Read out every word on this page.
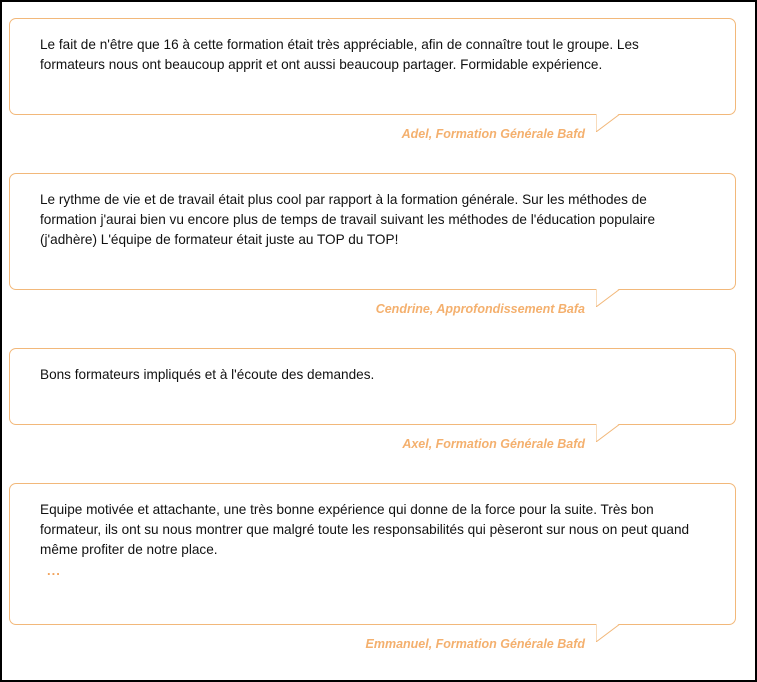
Le fait de n'être que 16 à cette formation était très appréciable, afin de connaître tout le groupe. Les formateurs nous ont beaucoup apprit et ont aussi beaucoup partager. Formidable expérience.
Adel, Formation Générale Bafd
Le rythme de vie et de travail était plus cool par rapport à la formation générale. Sur les méthodes de formation j'aurai bien vu encore plus de temps de travail suivant les méthodes de l'éducation populaire (j'adhère) L'équipe de formateur était juste au TOP du TOP!
Cendrine, Approfondissement Bafa
Bons formateurs impliqués et à l'écoute des demandes.
Axel, Formation Générale Bafd
Equipe motivée et attachante, une très bonne expérience qui donne de la force pour la suite. Très bon formateur, ils ont su nous montrer que malgré toute les responsabilités qui pèseront sur nous on peut quand même profiter de notre place.
...
Emmanuel, Formation Générale Bafd
